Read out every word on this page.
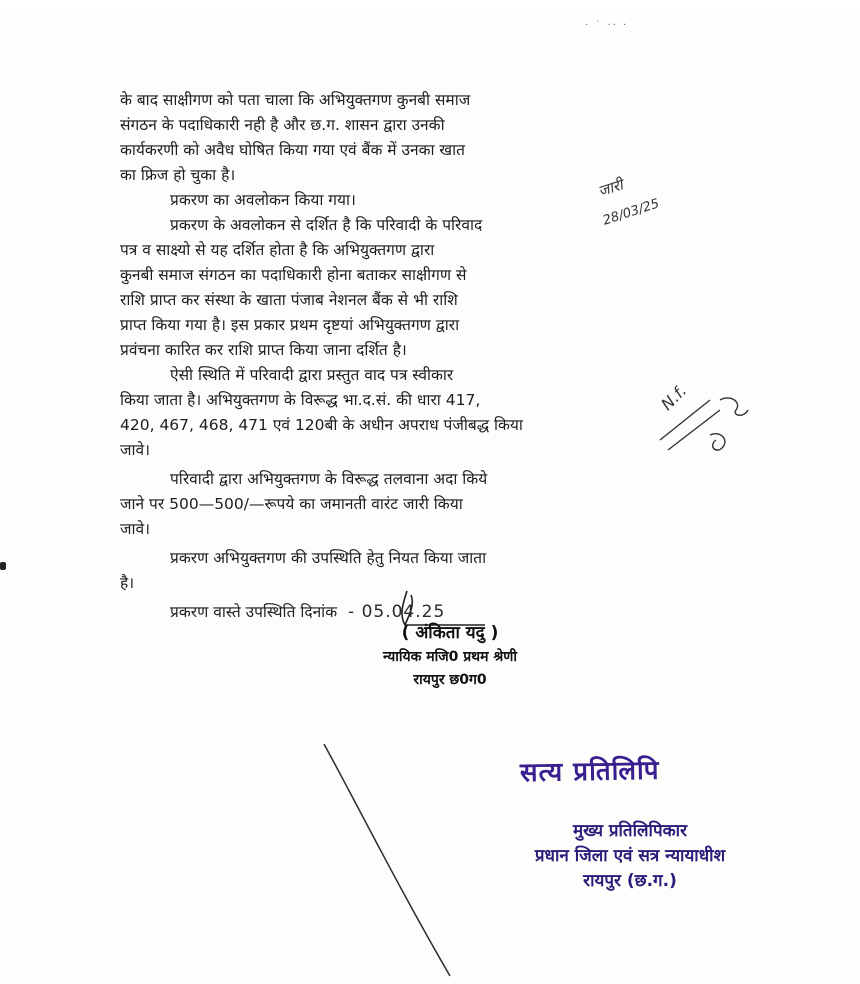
· ˙ ·· ·
के बाद साक्षीगण को पता चाला कि अभियुक्तगण कुनबी समाज
संगठन के पदाधिकारी नही है और छ.ग. शासन द्वारा उनकी
कार्यकरणी को अवैध घोषित किया गया एवं बैंक में उनका खात
का फ्रिज हो चुका है।
प्रकरण का अवलोकन किया गया।
प्रकरण के अवलोकन से दर्शित है कि परिवादी के परिवाद
पत्र व साक्ष्यो से यह दर्शित होता है कि अभियुक्तगण द्वारा
कुनबी समाज संगठन का पदाधिकारी होना बताकर साक्षीगण से
राशि प्राप्त कर संस्था के खाता पंजाब नेशनल बैंक से भी राशि
प्राप्त किया गया है। इस प्रकार प्रथम दृष्टयां अभियुक्तगण द्वारा
प्रवंचना कारित कर राशि प्राप्त किया जाना दर्शित है।
ऐसी स्थिति में परिवादी द्वारा प्रस्तुत वाद पत्र स्वीकार
किया जाता है। अभियुक्तगण के विरूद्ध भा.द.सं. की धारा 417,
420, 467, 468, 471 एवं 120बी के अधीन अपराध पंजीबद्ध किया
जावे।
परिवादी द्वारा अभियुक्तगण के विरूद्ध तलवाना अदा किये
जाने पर 500—500/—रूपये का जमानती वारंट जारी किया
जावे।
प्रकरण अभियुक्तगण की उपस्थिति हेतु नियत किया जाता
है।
प्रकरण वास्ते उपस्थिति दिनांक - 05.04.25
( अंकिता यदु )
न्यायिक मजि0 प्रथम श्रेणी
रायपुर छ0ग0
जारी
28/03/25
N.f.
सत्य प्रतिलिपि
मुख्य प्रतिलिपिकार
प्रधान जिला एवं सत्र न्यायाधीश
रायपुर (छ.ग.)
